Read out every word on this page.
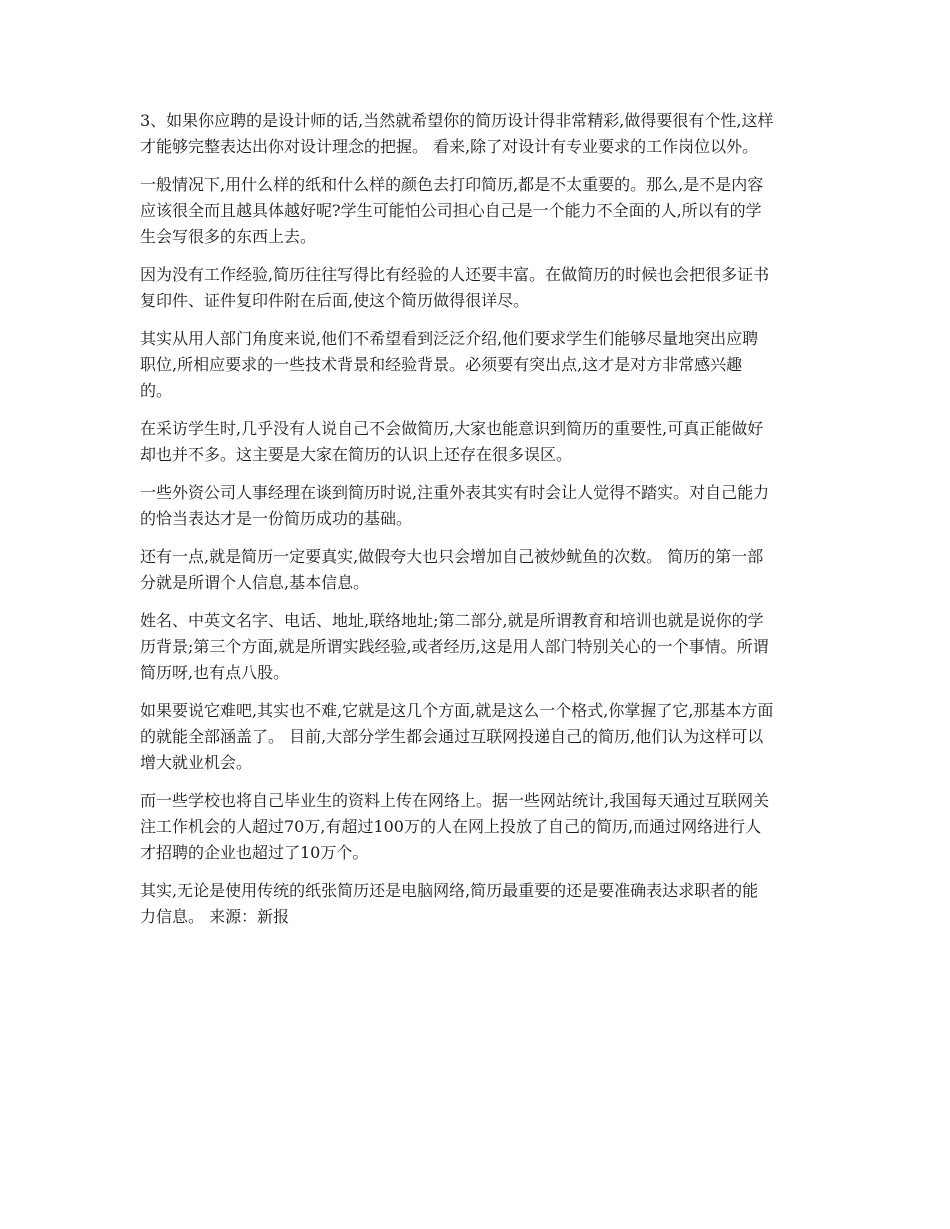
3、如果你应聘的是设计师的话,当然就希望你的简历设计得非常精彩,做得要很有个性,这样
才能够完整表达出你对设计理念的把握。 看来,除了对设计有专业要求的工作岗位以外。

一般情况下,用什么样的纸和什么样的颜色去打印简历,都是不太重要的。那么,是不是内容
应该很全而且越具体越好呢?学生可能怕公司担心自己是一个能力不全面的人,所以有的学
生会写很多的东西上去。

因为没有工作经验,简历往往写得比有经验的人还要丰富。在做简历的时候也会把很多证书
复印件、证件复印件附在后面,使这个简历做得很详尽。

其实从用人部门角度来说,他们不希望看到泛泛介绍,他们要求学生们能够尽量地突出应聘
职位,所相应要求的一些技术背景和经验背景。必须要有突出点,这才是对方非常感兴趣
的。

在采访学生时,几乎没有人说自己不会做简历,大家也能意识到简历的重要性,可真正能做好
却也并不多。这主要是大家在简历的认识上还存在很多误区。

一些外资公司人事经理在谈到简历时说,注重外表其实有时会让人觉得不踏实。对自己能力
的恰当表达才是一份简历成功的基础。

还有一点,就是简历一定要真实,做假夸大也只会增加自己被炒鱿鱼的次数。 简历的第一部
分就是所谓个人信息,基本信息。

姓名、中英文名字、电话、地址,联络地址;第二部分,就是所谓教育和培训也就是说你的学
历背景;第三个方面,就是所谓实践经验,或者经历,这是用人部门特别关心的一个事情。所谓
简历呀,也有点八股。

如果要说它难吧,其实也不难,它就是这几个方面,就是这么一个格式,你掌握了它,那基本方面
的就能全部涵盖了。 目前,大部分学生都会通过互联网投递自己的简历,他们认为这样可以
增大就业机会。

而一些学校也将自己毕业生的资料上传在网络上。据一些网站统计,我国每天通过互联网关
注工作机会的人超过70万,有超过100万的人在网上投放了自己的简历,而通过网络进行人
才招聘的企业也超过了10万个。

其实,无论是使用传统的纸张简历还是电脑网络,简历最重要的还是要准确表达求职者的能
力信息。 来源：新报
